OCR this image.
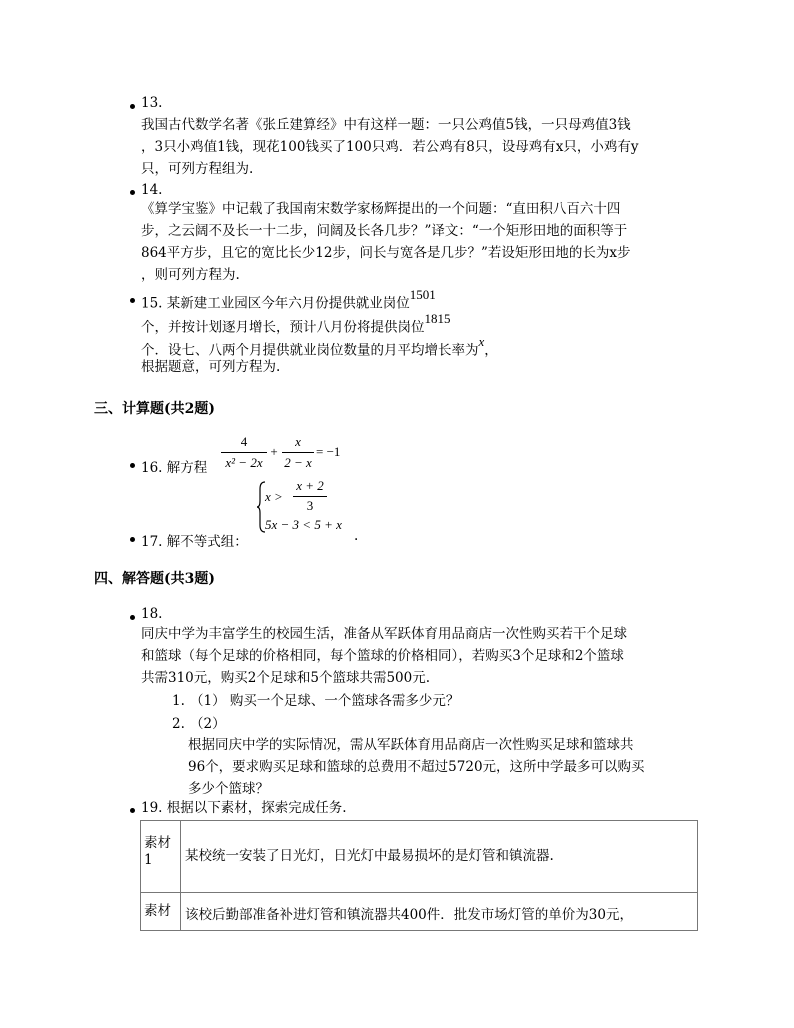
13.
我国古代数学名著《张丘建算经》中有这样一题：一只公鸡值5钱，一只母鸡值3钱
，3只小鸡值1钱，现花100钱买了100只鸡．若公鸡有8只，设母鸡有x只，小鸡有y
只，可列方程组为.
14.
《算学宝鉴》中记载了我国南宋数学家杨辉提出的一个问题：“直田积八百六十四
步，之云阔不及长一十二步，问阔及长各几步？”译文：“一个矩形田地的面积等于
864平方步，且它的宽比长少12步，问长与宽各是几步？”若设矩形田地的长为x步
，则可列方程为.
15. 某新建工业园区今年六月份提供就业岗位$^{1501}$
个，并按计划逐月增长，预计八月份将提供岗位$^{1815}$
个．设七、八两个月提供就业岗位数量的月平均增长率为$^x$，
根据题意，可列方程为.
三、计算题(共2题)
16. 解方程
4
x² − 2x
+
x
2 − x
= −1
17. 解不等式组：
x >
x + 2
3
5x − 3 < 5 + x
.
四、解答题(共3题)
18.
同庆中学为丰富学生的校园生活，准备从军跃体育用品商店一次性购买若干个足球
和篮球（每个足球的价格相同，每个篮球的价格相同），若购买3个足球和2个篮球
共需310元，购买2个足球和5个篮球共需500元.
1. （1） 购买一个足球、一个篮球各需多少元？
2. （2）
根据同庆中学的实际情况，需从军跃体育用品商店一次性购买足球和篮球共
96个，要求购买足球和篮球的总费用不超过5720元，这所中学最多可以购买
多少个篮球？
19. 根据以下素材，探索完成任务.
素材
1	某校统一安装了日光灯，日光灯中最易损坏的是灯管和镇流器.

素材	该校后勤部准备补进灯管和镇流器共400件．批发市场灯管的单价为30元，
